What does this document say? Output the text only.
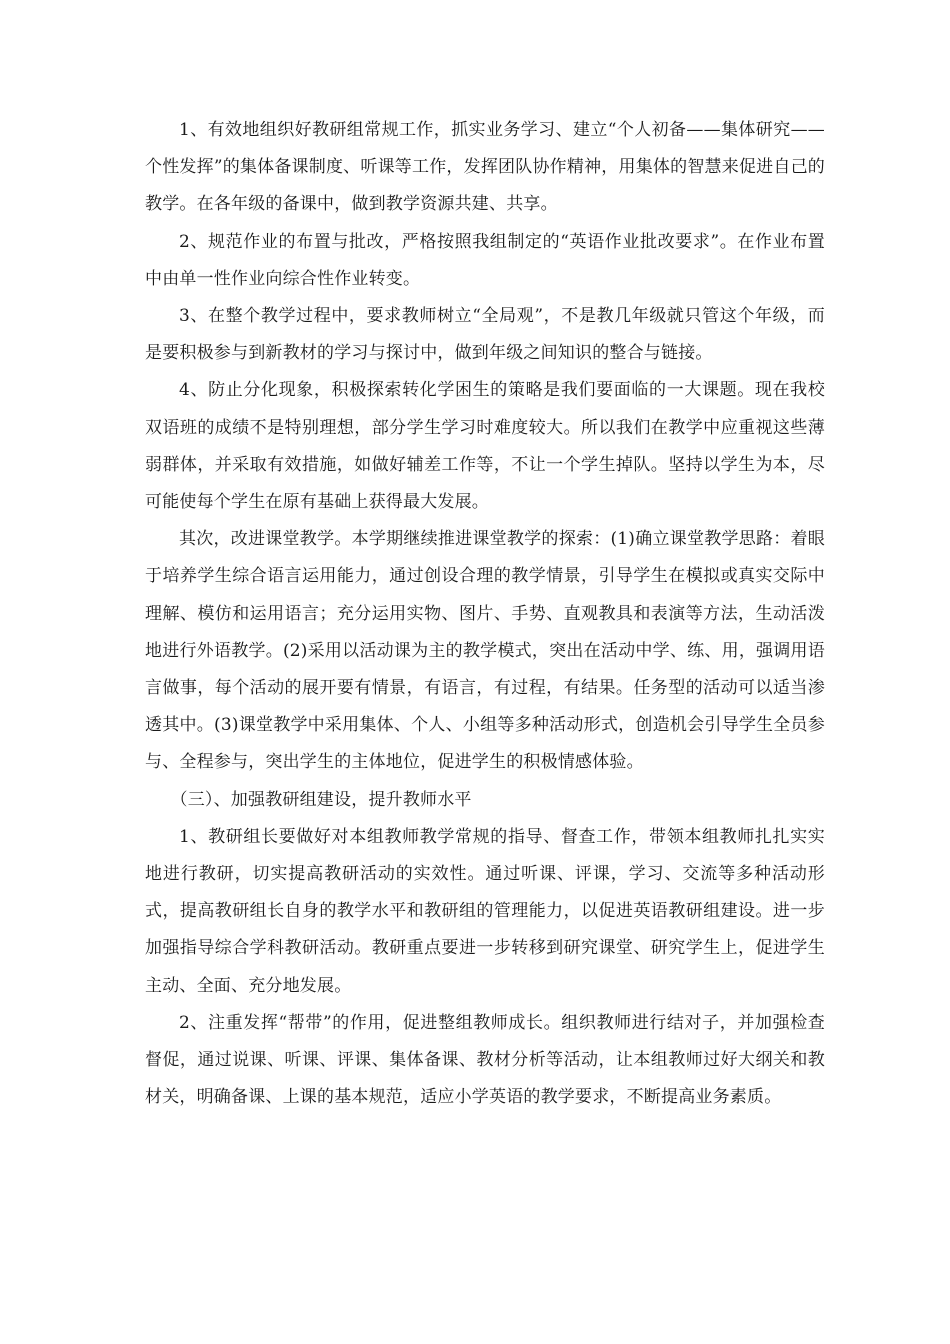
1、有效地组织好教研组常规工作，抓实业务学习、建立“个人初备——集体研究——个性发挥”的集体备课制度、听课等工作，发挥团队协作精神，用集体的智慧来促进自己的教学。在各年级的备课中，做到教学资源共建、共享。

2、规范作业的布置与批改，严格按照我组制定的“英语作业批改要求”。在作业布置中由单一性作业向综合性作业转变。

3、在整个教学过程中，要求教师树立“全局观”，不是教几年级就只管这个年级，而是要积极参与到新教材的学习与探讨中，做到年级之间知识的整合与链接。

4、防止分化现象，积极探索转化学困生的策略是我们要面临的一大课题。现在我校双语班的成绩不是特别理想，部分学生学习时难度较大。所以我们在教学中应重视这些薄弱群体，并采取有效措施，如做好辅差工作等，不让一个学生掉队。坚持以学生为本，尽可能使每个学生在原有基础上获得最大发展。

其次，改进课堂教学。本学期继续推进课堂教学的探索：(1)确立课堂教学思路：着眼于培养学生综合语言运用能力，通过创设合理的教学情景，引导学生在模拟或真实交际中理解、模仿和运用语言；充分运用实物、图片、手势、直观教具和表演等方法，生动活泼地进行外语教学。(2)采用以活动课为主的教学模式，突出在活动中学、练、用，强调用语言做事，每个活动的展开要有情景，有语言，有过程，有结果。任务型的活动可以适当渗透其中。(3)课堂教学中采用集体、个人、小组等多种活动形式，创造机会引导学生全员参与、全程参与，突出学生的主体地位，促进学生的积极情感体验。

（三）、加强教研组建设，提升教师水平

1、教研组长要做好对本组教师教学常规的指导、督查工作，带领本组教师扎扎实实地进行教研，切实提高教研活动的实效性。通过听课、评课，学习、交流等多种活动形式，提高教研组长自身的教学水平和教研组的管理能力，以促进英语教研组建设。进一步加强指导综合学科教研活动。教研重点要进一步转移到研究课堂、研究学生上，促进学生主动、全面、充分地发展。

2、注重发挥“帮带”的作用，促进整组教师成长。组织教师进行结对子，并加强检查督促，通过说课、听课、评课、集体备课、教材分析等活动，让本组教师过好大纲关和教材关，明确备课、上课的基本规范，适应小学英语的教学要求，不断提高业务素质。
